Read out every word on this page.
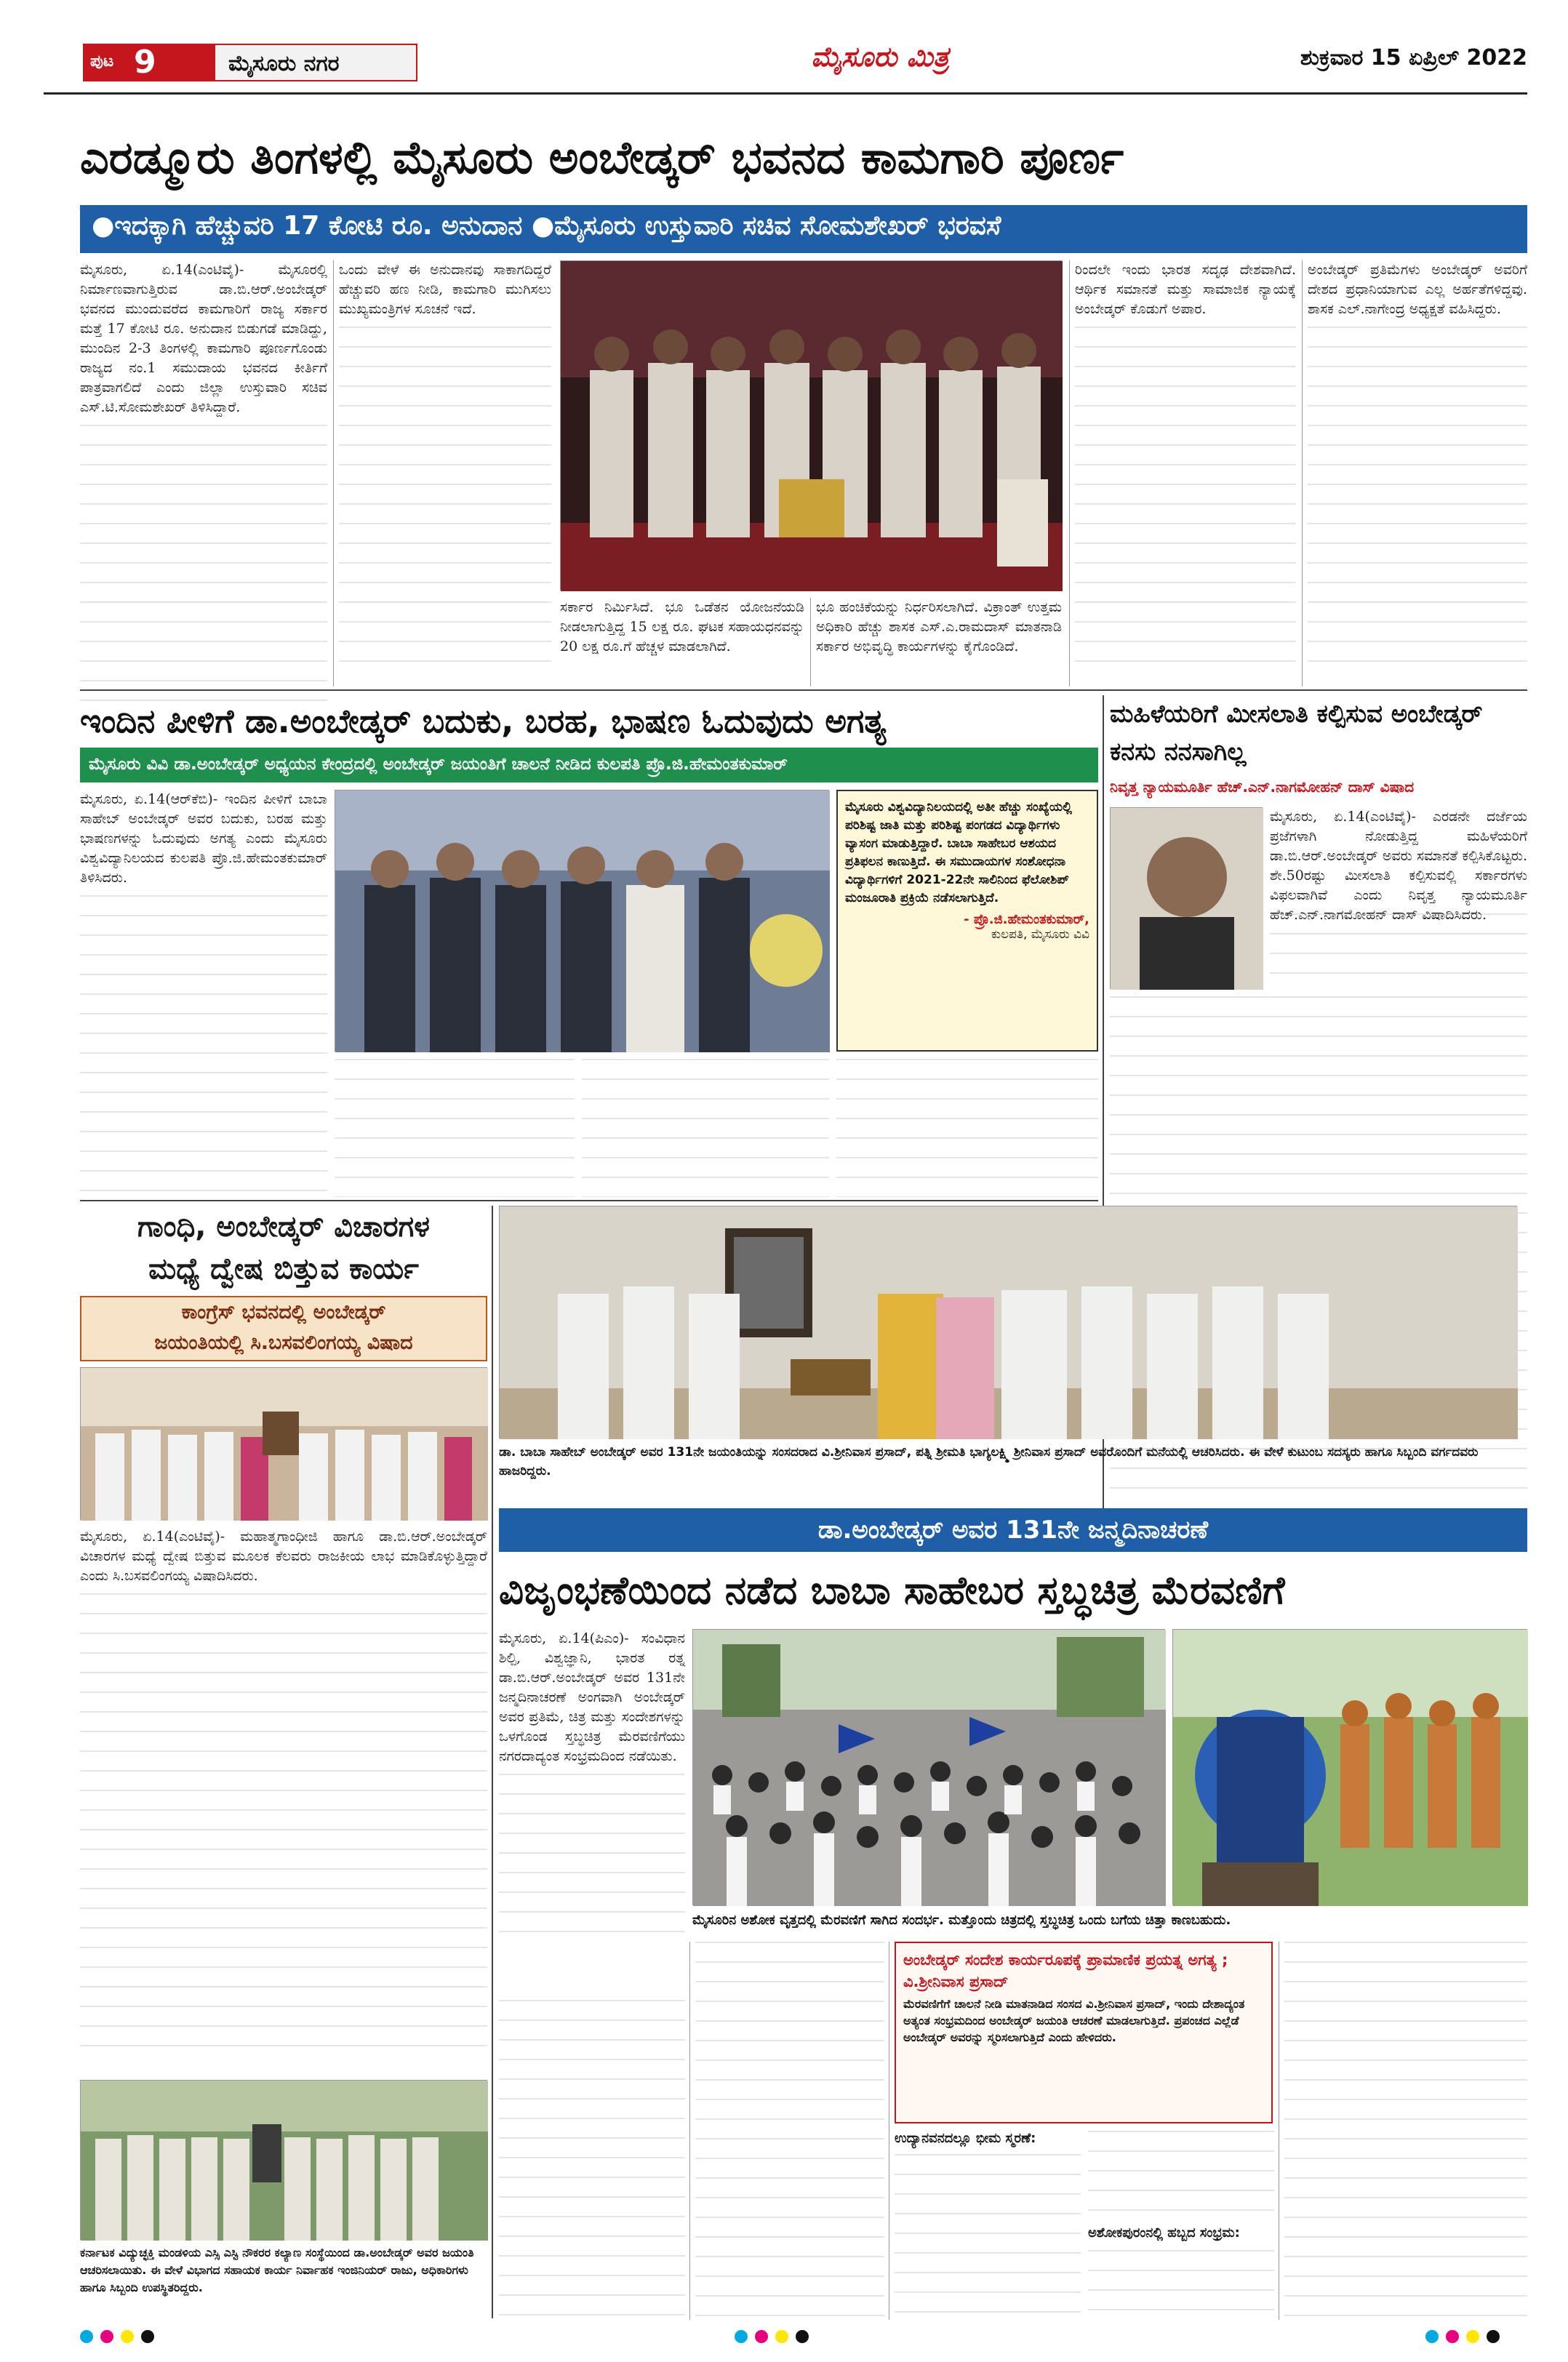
ಪುಟ 9	ಮೈಸೂರು ನಗರ	ಮೈಸೂರು ಮಿತ್ರ	ಶುಕ್ರವಾರ 15 ಏಪ್ರಿಲ್ 2022
ಎರಡ್ಮೂರು ತಿಂಗಳಲ್ಲಿ ಮೈಸೂರು ಅಂಬೇಡ್ಕರ್ ಭವನದ ಕಾಮಗಾರಿ ಪೂರ್ಣ
●ಇದಕ್ಕಾಗಿ ಹೆಚ್ಚುವರಿ 17 ಕೋಟಿ ರೂ. ಅನುದಾನ ●ಮೈಸೂರು ಉಸ್ತುವಾರಿ ಸಚಿವ ಸೋಮಶೇಖರ್ ಭರವಸೆ

ಮೈಸೂರು, ಏ.14(ಎಂಟಿವೈ)- ಮೈಸೂರಲ್ಲಿ ನಿರ್ಮಾಣವಾಗುತ್ತಿರುವ ಡಾ.ಬಿ.ಆರ್.ಅಂಬೇಡ್ಕರ್ ಭವನದ ಮುಂದುವರೆದ ಕಾಮಗಾರಿಗೆ ರಾಜ್ಯ ಸರ್ಕಾರ ಮತ್ತೆ 17 ಕೋಟಿ ರೂ. ಅನುದಾನ ಬಿಡುಗಡೆ ಮಾಡಿದ್ದು, ಮುಂದಿನ 2-3 ತಿಂಗಳಲ್ಲಿ ಕಾಮಗಾರಿ ಪೂರ್ಣಗೊಂಡು ರಾಜ್ಯದ ನಂ.1 ಸಮುದಾಯ ಭವನದ ಕೀರ್ತಿಗೆ ಪಾತ್ರವಾಗಲಿದೆ ಎಂದು ಜಿಲ್ಲಾ ಉಸ್ತುವಾರಿ ಸಚಿವ ಎಸ್.ಟಿ.ಸೋಮಶೇಖರ್ ತಿಳಿಸಿದ್ದಾರೆ.

ಒಂದು ವೇಳೆ ಈ ಅನುದಾನವು ಸಾಕಾಗದಿದ್ದರೆ ಹೆಚ್ಚುವರಿ ಹಣ ನೀಡಿ, ಕಾಮಗಾರಿ ಮುಗಿಸಲು ಮುಖ್ಯಮಂತ್ರಿಗಳ ಸೂಚನೆ ಇದೆ.

ಸರ್ಕಾರ ನಿರ್ಮಿಸಿದೆ. ಭೂ ಒಡೆತನ ಯೋಜನೆಯಡಿ ನೀಡಲಾಗುತ್ತಿದ್ದ 15 ಲಕ್ಷ ರೂ. ಘಟಕ ಸಹಾಯಧನವನ್ನು 20 ಲಕ್ಷ ರೂ.ಗೆ ಹೆಚ್ಚಳ ಮಾಡಲಾಗಿದೆ.

ಭೂ ಹಂಚಿಕೆಯನ್ನು ನಿರ್ಧರಿಸಲಾಗಿದೆ. ವಿಕ್ರಾಂತ್ ಉತ್ತಮ ಅಧಿಕಾರಿ ಹೆಚ್ಚು ಶಾಸಕ ಎಸ್.ಎ.ರಾಮದಾಸ್ ಮಾತನಾಡಿ ಸರ್ಕಾರ ಅಭಿವೃದ್ಧಿ ಕಾರ್ಯಗಳನ್ನು ಕೈಗೊಂಡಿದೆ.

ರಿಂದಲೇ ಇಂದು ಭಾರತ ಸದೃಢ ದೇಶವಾಗಿದೆ. ಆರ್ಥಿಕ ಸಮಾನತೆ ಮತ್ತು ಸಾಮಾಜಿಕ ನ್ಯಾಯಕ್ಕೆ ಅಂಬೇಡ್ಕರ್ ಕೊಡುಗೆ ಅಪಾರ.

ಅಂಬೇಡ್ಕರ್ ಪ್ರತಿಮೆಗಳು ಅಂಬೇಡ್ಕರ್ ಅವರಿಗೆ ದೇಶದ ಪ್ರಧಾನಿಯಾಗುವ ಎಲ್ಲ ಅರ್ಹತೆಗಳಿದ್ದವು. ಶಾಸಕ ಎಲ್.ನಾಗೇಂದ್ರ ಅಧ್ಯಕ್ಷತೆ ವಹಿಸಿದ್ದರು.

ಇಂದಿನ ಪೀಳಿಗೆ ಡಾ.ಅಂಬೇಡ್ಕರ್ ಬದುಕು, ಬರಹ, ಭಾಷಣ ಓದುವುದು ಅಗತ್ಯ
ಮೈಸೂರು ವಿವಿ ಡಾ.ಅಂಬೇಡ್ಕರ್ ಅಧ್ಯಯನ ಕೇಂದ್ರದಲ್ಲಿ ಅಂಬೇಡ್ಕರ್ ಜಯಂತಿಗೆ ಚಾಲನೆ ನೀಡಿದ ಕುಲಪತಿ ಪ್ರೊ.ಜಿ.ಹೇಮಂತಕುಮಾರ್

ಮೈಸೂರು, ಏ.14(ಆರ್‌ಕೆಬಿ)- ಇಂದಿನ ಪೀಳಿಗೆ ಬಾಬಾ ಸಾಹೇಬ್ ಅಂಬೇಡ್ಕರ್ ಅವರ ಬದುಕು, ಬರಹ ಮತ್ತು ಭಾಷಣಗಳನ್ನು ಓದುವುದು ಅಗತ್ಯ ಎಂದು ಮೈಸೂರು ವಿಶ್ವವಿದ್ಯಾನಿಲಯದ ಕುಲಪತಿ ಪ್ರೊ.ಜಿ.ಹೇಮಂತಕುಮಾರ್ ತಿಳಿಸಿದರು.

ಮೈಸೂರು ವಿಶ್ವವಿದ್ಯಾನಿಲಯದಲ್ಲಿ ಅತೀ ಹೆಚ್ಚು ಸಂಖ್ಯೆಯಲ್ಲಿ ಪರಿಶಿಷ್ಟ ಜಾತಿ ಮತ್ತು ಪರಿಶಿಷ್ಟ ಪಂಗಡದ ವಿದ್ಯಾರ್ಥಿಗಳು ವ್ಯಾಸಂಗ ಮಾಡುತ್ತಿದ್ದಾರೆ. ಬಾಬಾ ಸಾಹೇಬರ ಆಶಯದ ಪ್ರತಿಫಲನ ಕಾಣುತ್ತಿದೆ. ಈ ಸಮುದಾಯಗಳ ಸಂಶೋಧನಾ ವಿದ್ಯಾರ್ಥಿಗಳಿಗೆ 2021-22ನೇ ಸಾಲಿನಿಂದ ಫೆಲೋಶಿಪ್ ಮಂಜೂರಾತಿ ಪ್ರಕ್ರಿಯೆ ನಡೆಸಲಾಗುತ್ತಿದೆ.

- ಪ್ರೊ.ಜಿ.ಹೇಮಂತಕುಮಾರ್,

ಕುಲಪತಿ, ಮೈಸೂರು ವಿವಿ

ಮಹಿಳೆಯರಿಗೆ ಮೀಸಲಾತಿ ಕಲ್ಪಿಸುವ ಅಂಬೇಡ್ಕರ್ ಕನಸು ನನಸಾಗಿಲ್ಲ
ನಿವೃತ್ತ ನ್ಯಾಯಮೂರ್ತಿ ಹೆಚ್.ಎನ್.ನಾಗಮೋಹನ್ ದಾಸ್ ವಿಷಾದ

ಮೈಸೂರು, ಏ.14(ಎಂಟಿವೈ)- ಎರಡನೇ ದರ್ಜೆಯ ಪ್ರಜೆಗಳಾಗಿ ನೋಡುತ್ತಿದ್ದ ಮಹಿಳೆಯರಿಗೆ ಡಾ.ಬಿ.ಆರ್.ಅಂಬೇಡ್ಕರ್ ಅವರು ಸಮಾನತೆ ಕಲ್ಪಿಸಿಕೊಟ್ಟರು. ಶೇ.50ರಷ್ಟು ಮೀಸಲಾತಿ ಕಲ್ಪಿಸುವಲ್ಲಿ ಸರ್ಕಾರಗಳು ವಿಫಲವಾಗಿವೆ ಎಂದು ನಿವೃತ್ತ ನ್ಯಾಯಮೂರ್ತಿ ಹೆಚ್.ಎನ್.ನಾಗಮೋಹನ್ ದಾಸ್ ವಿಷಾದಿಸಿದರು.

ಗಾಂಧಿ, ಅಂಬೇಡ್ಕರ್ ವಿಚಾರಗಳ
ಮಧ್ಯೆ ದ್ವೇಷ ಬಿತ್ತುವ ಕಾರ್ಯ
ಕಾಂಗ್ರೆಸ್ ಭವನದಲ್ಲಿ ಅಂಬೇಡ್ಕರ್
ಜಯಂತಿಯಲ್ಲಿ ಸಿ.ಬಸವಲಿಂಗಯ್ಯ ವಿಷಾದ

ಮೈಸೂರು, ಏ.14(ಎಂಟಿವೈ)- ಮಹಾತ್ಮಗಾಂಧೀಜಿ ಹಾಗೂ ಡಾ.ಬಿ.ಆರ್.ಅಂಬೇಡ್ಕರ್ ವಿಚಾರಗಳ ಮಧ್ಯೆ ದ್ವೇಷ ಬಿತ್ತುವ ಮೂಲಕ ಕೆಲವರು ರಾಜಕೀಯ ಲಾಭ ಮಾಡಿಕೊಳ್ಳುತ್ತಿದ್ದಾರೆ ಎಂದು ಸಿ.ಬಸವಲಿಂಗಯ್ಯ ವಿಷಾದಿಸಿದರು.

ಕರ್ನಾಟಕ ವಿದ್ಯುಚ್ಛಕ್ತಿ ಮಂಡಳಿಯ ಎಸ್ಸಿ ಎಸ್ಟಿ ನೌಕರರ ಕಲ್ಯಾಣ ಸಂಸ್ಥೆಯಿಂದ ಡಾ.ಅಂಬೇಡ್ಕರ್ ಅವರ ಜಯಂತಿ ಆಚರಿಸಲಾಯಿತು. ಈ ವೇಳೆ ವಿಭಾಗದ ಸಹಾಯಕ ಕಾರ್ಯ ನಿರ್ವಾಹಕ ಇಂಜಿನಿಯರ್ ರಾಜು, ಅಧಿಕಾರಿಗಳು ಹಾಗೂ ಸಿಬ್ಬಂದಿ ಉಪಸ್ಥಿತರಿದ್ದರು.
ಡಾ. ಬಾಬಾ ಸಾಹೇಬ್ ಅಂಬೇಡ್ಕರ್ ಅವರ 131ನೇ ಜಯಂತಿಯನ್ನು ಸಂಸದರಾದ ವಿ.ಶ್ರೀನಿವಾಸ ಪ್ರಸಾದ್, ಪತ್ನಿ ಶ್ರೀಮತಿ ಭಾಗ್ಯಲಕ್ಷ್ಮಿ ಶ್ರೀನಿವಾಸ ಪ್ರಸಾದ್ ಅವರೊಂದಿಗೆ ಮನೆಯಲ್ಲಿ ಆಚರಿಸಿದರು. ಈ ವೇಳೆ ಕುಟುಂಬ ಸದಸ್ಯರು ಹಾಗೂ ಸಿಬ್ಬಂದಿ ವರ್ಗದವರು ಹಾಜರಿದ್ದರು.
ಡಾ.ಅಂಬೇಡ್ಕರ್ ಅವರ 131ನೇ ಜನ್ಮದಿನಾಚರಣೆ
ವಿಜೃಂಭಣೆಯಿಂದ ನಡೆದ ಬಾಬಾ ಸಾಹೇಬರ ಸ್ತಬ್ಧಚಿತ್ರ ಮೆರವಣಿಗೆ

ಮೈಸೂರು, ಏ.14(ಪಿಎಂ)- ಸಂವಿಧಾನ ಶಿಲ್ಪಿ, ವಿಶ್ವಜ್ಞಾನಿ, ಭಾರತ ರತ್ನ ಡಾ.ಬಿ.ಆರ್.ಅಂಬೇಡ್ಕರ್ ಅವರ 131ನೇ ಜನ್ಮದಿನಾಚರಣೆ ಅಂಗವಾಗಿ ಅಂಬೇಡ್ಕರ್ ಅವರ ಪ್ರತಿಮೆ, ಚಿತ್ರ ಮತ್ತು ಸಂದೇಶಗಳನ್ನು ಒಳಗೊಂಡ ಸ್ತಬ್ಧಚಿತ್ರ ಮೆರವಣಿಗೆಯು ನಗರದಾದ್ಯಂತ ಸಂಭ್ರಮದಿಂದ ನಡೆಯಿತು.

ಮೈಸೂರಿನ ಅಶೋಕ ವೃತ್ತದಲ್ಲಿ ಮೆರವಣಿಗೆ ಸಾಗಿದ ಸಂದರ್ಭ. ಮತ್ತೊಂದು ಚಿತ್ರದಲ್ಲಿ ಸ್ತಬ್ಧಚಿತ್ರ ಒಂದು ಬಗೆಯ ಚಿತ್ತಾ ಕಾಣಬಹುದು.
ಅಂಬೇಡ್ಕರ್ ಸಂದೇಶ ಕಾರ್ಯರೂಪಕ್ಕೆ ಪ್ರಾಮಾಣಿಕ ಪ್ರಯತ್ನ ಅಗತ್ಯ ; ವಿ.ಶ್ರೀನಿವಾಸ ಪ್ರಸಾದ್
ಮೆರವಣಿಗೆಗೆ ಚಾಲನೆ ನೀಡಿ ಮಾತನಾಡಿದ ಸಂಸದ ವಿ.ಶ್ರೀನಿವಾಸ ಪ್ರಸಾದ್, ಇಂದು ದೇಶಾದ್ಯಂತ ಅತ್ಯಂತ ಸಂಭ್ರಮದಿಂದ ಅಂಬೇಡ್ಕರ್ ಜಯಂತಿ ಆಚರಣೆ ಮಾಡಲಾಗುತ್ತಿದೆ. ಪ್ರಪಂಚದ ಎಲ್ಲೆಡೆ ಅಂಬೇಡ್ಕರ್ ಅವರನ್ನು ಸ್ಮರಿಸಲಾಗುತ್ತಿದೆ ಎಂದು ಹೇಳಿದರು.
ಉದ್ಯಾನವನದಲ್ಲೂ ಭೀಮ ಸ್ಮರಣೆ:
ಅಶೋಕಪುರಂನಲ್ಲಿ ಹಬ್ಬದ ಸಂಭ್ರಮ:
